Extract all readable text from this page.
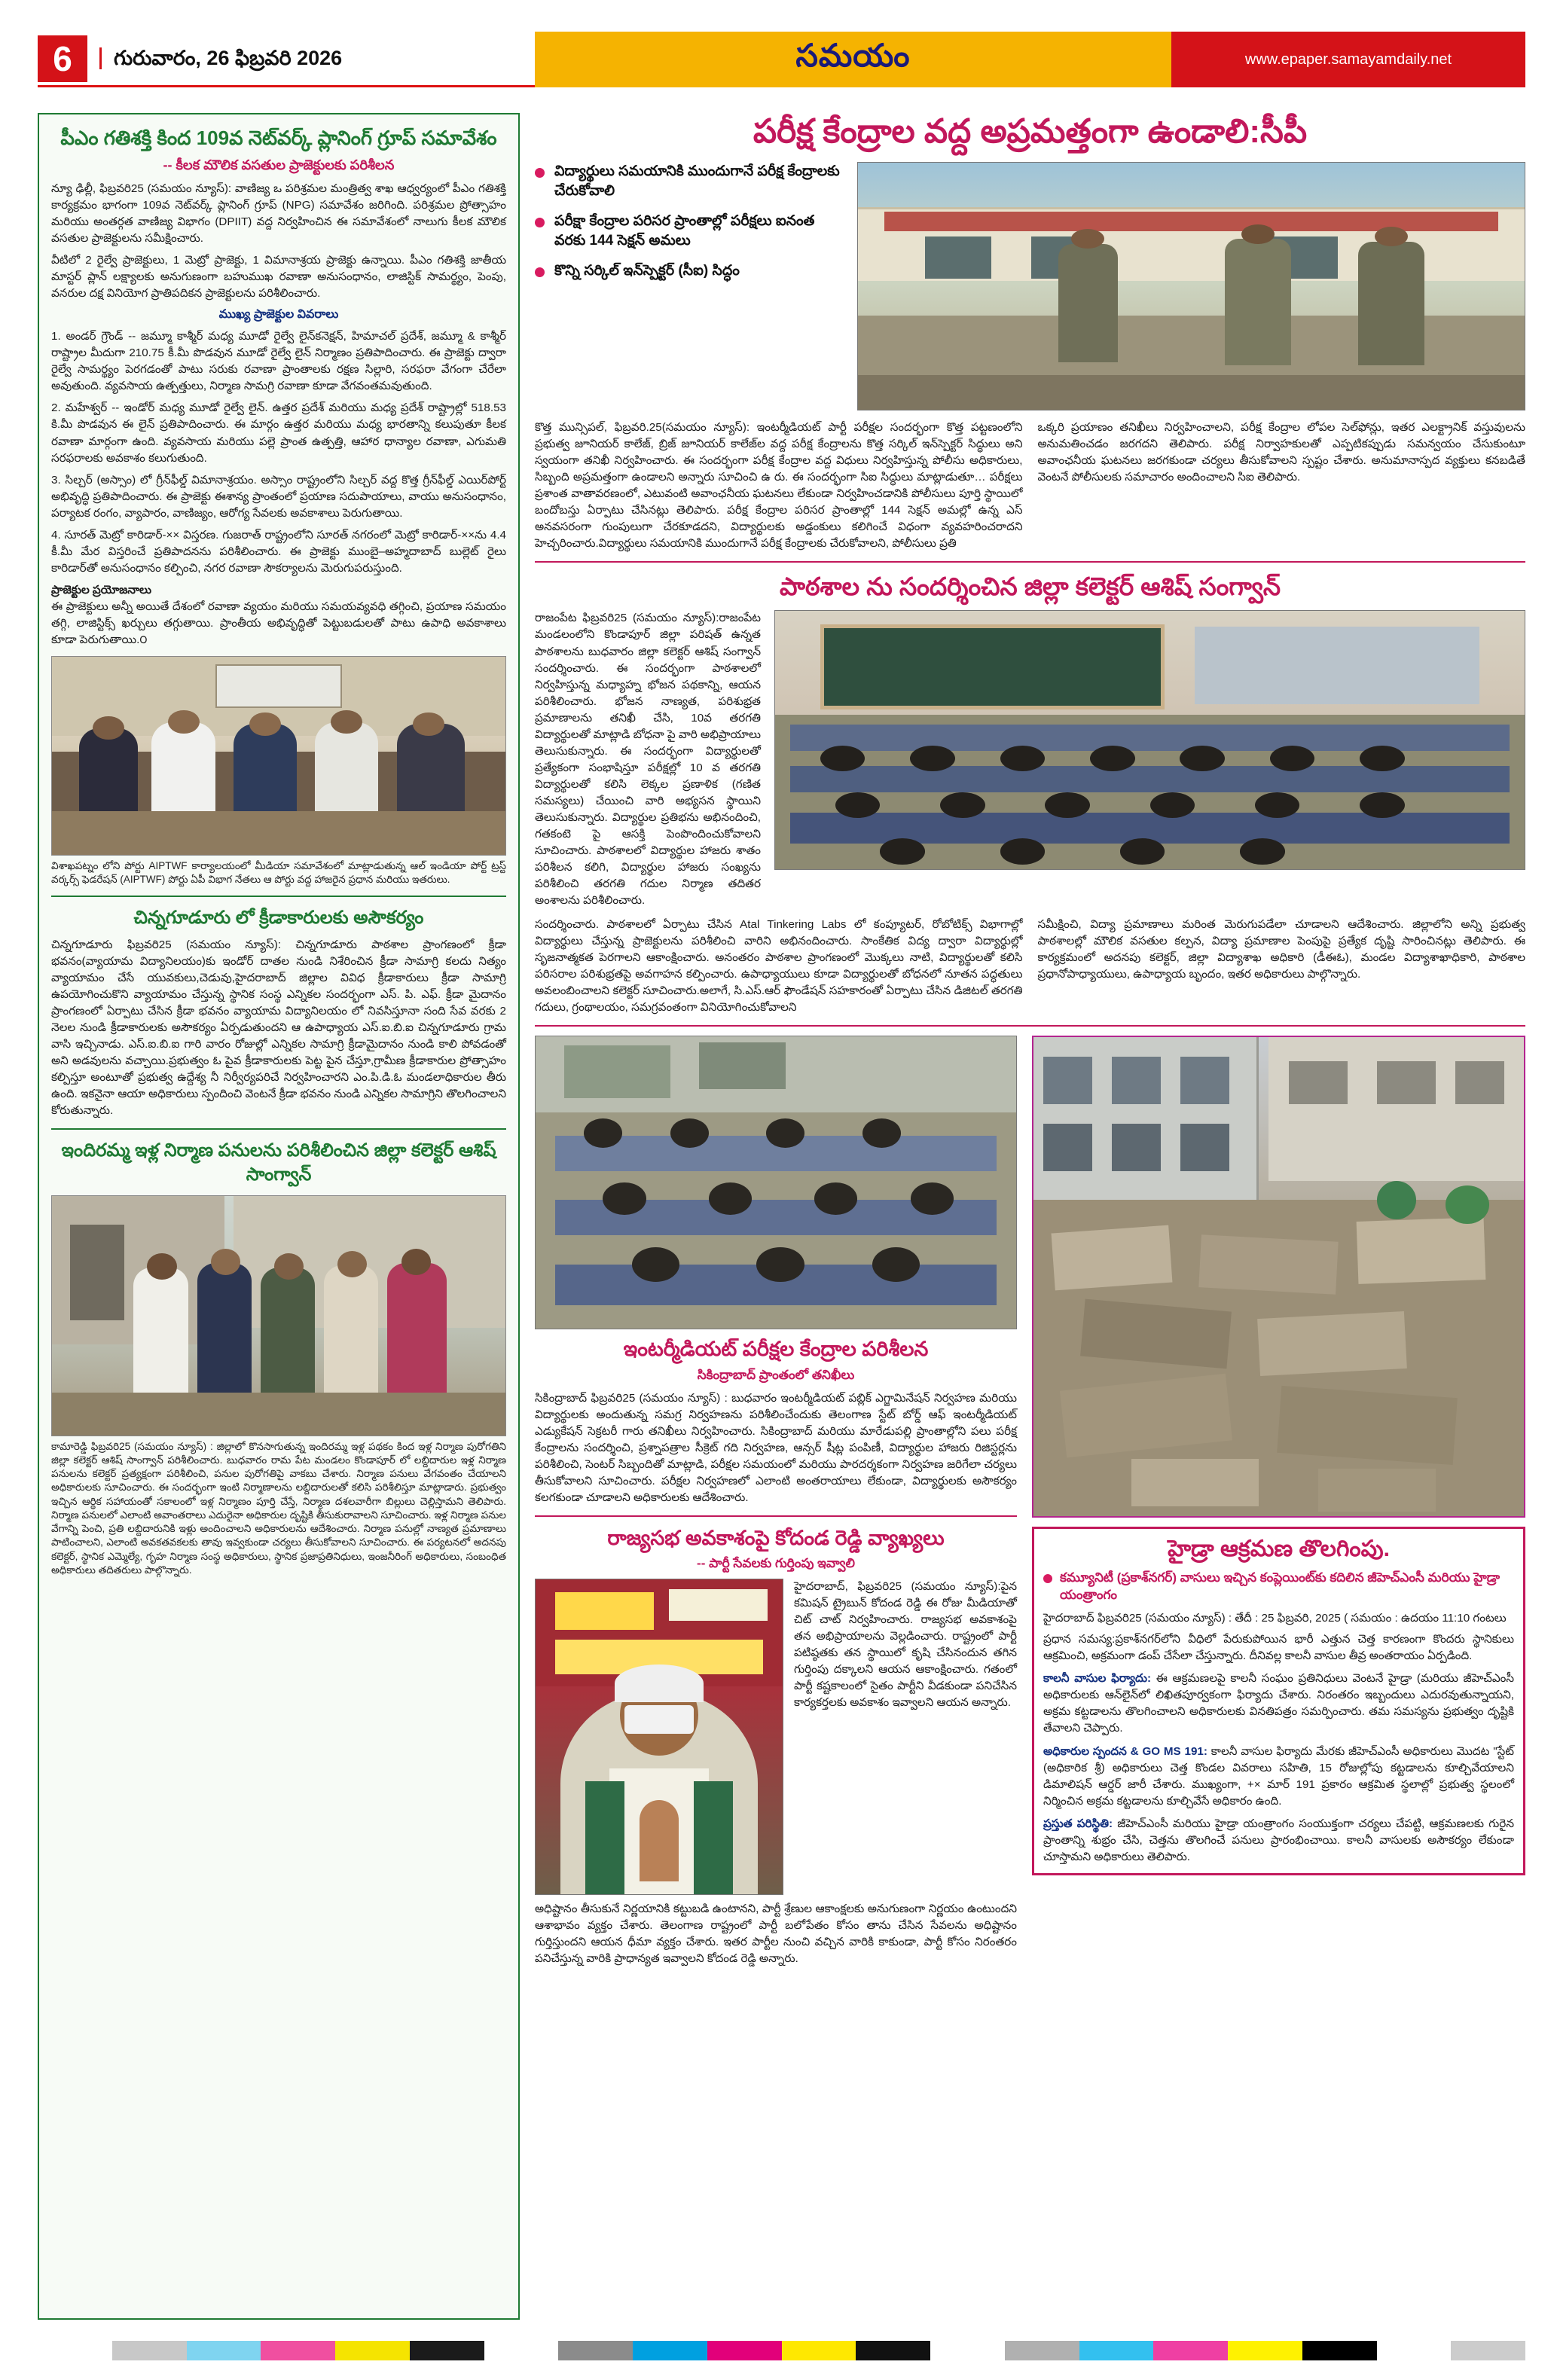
6	గురువారం, 26 ఫిబ్రవరి 2026	సమయం	www.epaper.samayamdaily.net
పీఎం గతిశక్తి కింద 109వ నెట్‌వర్క్ ప్లానింగ్ గ్రూప్ సమావేశం
-- కీలక మౌలిక వసతుల ప్రాజెక్టులకు పరిశీలన

న్యూ ఢిల్లీ, ఫిబ్రవరి25 (సమయం న్యూస్): వాణిజ్య ఒ పరిశ్రమల మంత్రిత్వ శాఖ ఆధ్వర్యంలో పీఎం గతిశక్తి కార్యక్రమం భాగంగా 109వ నెట్‌వర్క్ ప్లానింగ్ గ్రూప్ (NPG) సమావేశం జరిగింది. పరిశ్రమల ప్రోత్సాహం మరియు అంతర్గత వాణిజ్య విభాగం (DPIIT) వద్ద నిర్వహించిన ఈ సమావేశంలో నాలుగు కీలక మౌలిక వసతుల ప్రాజెక్టులను సమీక్షించారు.

వీటిలో 2 రైల్వే ప్రాజెక్టులు, 1 మెట్రో ప్రాజెక్టు, 1 విమానాశ్రయ ప్రాజెక్టు ఉన్నాయి. పీఎం గతిశక్తి జాతీయ మాస్టర్ ప్లాన్ లక్ష్యాలకు అనుగుణంగా బహుముఖ రవాణా అనుసంధానం, లాజిస్టిక్ సామర్థ్యం, పెంపు, వనరుల దక్ష వినియోగ ప్రాతిపదికన ప్రాజెక్టులను పరిశీలించారు.

ముఖ్య ప్రాజెక్టుల వివరాలు

1. అండర్ గ్రౌండ్ -- జమ్మూ కాశ్మీర్ మధ్య మూడో రైల్వే లైన్‌కనెక్షన్, హిమాచల్ ప్రదేశ్, జమ్మూ & కాశ్మీర్ రాష్ట్రాల మీదుగా 210.75 కీ.మీ పొడవున మూడో రైల్వే లైన్ నిర్మాణం ప్రతిపాదించారు. ఈ ప్రాజెక్టు ద్వారా రైల్వే సామర్థ్యం పెరగడంతో పాటు సరుకు రవాణా ప్రాంతాలకు రక్షణ సిల్లారి, సరఫరా వేగంగా చేరేలా అవుతుంది. వ్యవసాయ ఉత్పత్తులు, నిర్మాణ సామగ్రి రవాణా కూడా వేగవంతమవుతుంది.

2. మహేశ్వర్ -- ఇండోర్ మధ్య మూడో రైల్వే లైన్. ఉత్తర ప్రదేశ్ మరియు మధ్య ప్రదేశ్ రాష్ట్రాల్లో 518.53 కి.మీ పొడవున ఈ లైన్ ప్రతిపాదించారు. ఈ మార్గం ఉత్తర మరియు మధ్య భారతాన్ని కలుపుతూ కీలక రవాణా మార్గంగా ఉంది. వ్యవసాయ మరియు పల్లె ప్రాంత ఉత్పత్తి, ఆహార ధాన్యాల రవాణా, ఎగుమతి సరఫరాలకు అవకాశం కలుగుతుంది.

3. సిల్చర్ (అస్సాం) లో గ్రీన్‌ఫీల్డ్ విమానాశ్రయం. అస్సాం రాష్ట్రంలోని సిల్చర్ వద్ద కొత్త గ్రీన్‌ఫీల్డ్ ఎయిర్‌పోర్ట్ అభివృద్ధి ప్రతిపాదించారు. ఈ ప్రాజెక్టు ఈశాన్య ప్రాంతంలో ప్రయాణ సదుపాయాలు, వాయు అనుసంధానం, పర్యాటక రంగం, వ్యాపారం, వాణిజ్యం, ఆరోగ్య సేవలకు అవకాశాలు పెరుగుతాయి.

4. సూరత్ మెట్రో కారిడార్-×× విస్తరణ. గుజరాత్ రాష్ట్రంలోని సూరత్ నగరంలో మెట్రో కారిడార్-××ను 4.4 కీ.మీ మేర విస్తరించే ప్రతిపాదనను పరిశీలించారు. ఈ ప్రాజెక్టు ముంబై–అహ్మదాబాద్ బుల్లెట్ రైలు కారిడార్‌తో అనుసంధానం కల్పించి, నగర రవాణా సౌకర్యాలను మెరుగుపరుస్తుంది.

ప్రాజెక్టుల ప్రయోజనాలు
ఈ ప్రాజెక్టులు అన్నీ అయితే దేశంలో రవాణా వ్యయం మరియు సమయవ్యవధి తగ్గించి, ప్రయాణ సమయం తగ్గి, లాజిస్టిక్స్ ఖర్చులు తగ్గుతాయి. ప్రాంతీయ అభివృద్ధితో పెట్టుబడులతో పాటు ఉపాధి అవకాశాలు కూడా పెరుగుతాయి.౦
విశాఖపట్నం లోని పోర్టు AIPTWF కార్యాలయంలో మీడియా సమావేశంలో మాట్లాడుతున్న ఆల్ ఇండియా పోర్ట్ ట్రస్ట్ వర్కర్స్ ఫెడరేషన్ (AIPTWF) పోర్టు ఏపీ విభాగ నేతలు ఆ పోర్టు వద్ద హాజరైన ప్రధాన మరియు ఇతరులు.
చిన్నగూడూరు లో క్రీడాకారులకు అసౌకర్యం

చిన్నగూడూరు ఫిబ్రవరి25 (సమయం న్యూస్): చిన్నగూడూరు పాఠశాల ప్రాంగణంలో క్రీడా భవనం(వ్యాయామ విద్యానిలయం)కు ఇండోర్ దాతల నుండి నిశేరించిన క్రీడా సామాగ్రి కలదు నిత్యం వ్యాయామం చేసే యువకులు,చెడువు,హైదరాబాద్ జిల్లాల వివిధ క్రీడాకారులు క్రీడా సామాగ్రి ఉపయోగించుకొని వ్యాయామం చేస్తున్న స్థానిక సంస్థ ఎన్నికల సందర్భంగా ఎస్. పి. ఎఫ్. క్రీడా మైదానం ప్రాంగణంలో ఏర్పాటు చేసిన క్రీడా భవనం వ్యాయామ విద్యానిలయం లో నివసిస్తూనా సంది సేవ వరకు 2 నెలల నుండి క్రీడాకారులకు అసౌకర్యం ఏర్పడుతుందని ఆ ఉపాధ్యాయ ఎస్.ఐ.బి.ఐ చిన్నగూడూరు గ్రామ వాసి ఇచ్చినాడు. ఎస్.ఐ.బి.ఐ గారి వారం రోజుల్లో ఎన్నికల సామాగ్రి క్రీడామైదానం నుండి కాలి పోవడంతో అని అడవులను వచ్చాయి.ప్రభుత్వం ఓ పైవ క్రీడాకారులకు పెట్ట పైన చేస్తూ,గ్రామీణ క్రీడాకారుల ప్రోత్సాహం కల్పిస్తూ అంటూతో ప్రభుత్వ ఉద్దేశ్య నీ నిర్వీర్యపరిచే నిర్వహించారని ఎం.పి.డి.ఓ మండలాధికారుల తీరు ఉంది. ఇకనైనా ఆయా అధికారులు స్పందించి వెంటనే క్రీడా భవనం నుండి ఎన్నికల సామాగ్రిని తొలగించాలని కోరుతున్నారు.

ఇందిరమ్మ ఇళ్ల నిర్మాణ పనులను పరిశీలించిన జిల్లా కలెక్టర్ ఆశిష్ సాంగ్వాన్
కామారెడ్డి ఫిబ్రవరి25 (సమయం న్యూస్) : జిల్లాలో కొనసాగుతున్న ఇందిరమ్మ ఇళ్ల పథకం కింద ఇళ్ల నిర్మాణ పురోగతిని జిల్లా కలెక్టర్ ఆశిష్ సాంగ్వాన్ పరిశీలించారు. బుధవారం రామ పేట మండలం కొండాపూర్ లో లబ్దిదారుల ఇళ్ల నిర్మాణ పనులను కలెక్టర్ ప్రత్యక్షంగా పరిశీలించి, పనుల పురోగతిపై వాకబు చేశారు. నిర్మాణ పనులు వేగవంతం చేయాలని అధికారులకు సూచించారు. ఈ సందర్భంగా ఇంటి నిర్మాణాలను లబ్దిదారులతో కలిసి పరిశీలిస్తూ మాట్లాడారు. ప్రభుత్వం ఇచ్చిన ఆర్థిక సహాయంతో సకాలంలో ఇళ్ల నిర్మాణం పూర్తి చేస్తే, నిర్మాణ దశలవారీగా బిల్లులు చెల్లిస్తామని తెలిపారు. నిర్మాణ పనులలో ఎలాంటి అవాంతరాలు ఎదురైనా అధికారుల దృష్టికి తీసుకురావాలని సూచించారు. ఇళ్ల నిర్మాణ పనుల వేగాన్ని పెంచి, ప్రతి లబ్దిదారునికి ఇళ్లు అందించాలని అధికారులను ఆదేశించారు. నిర్మాణ పనుల్లో నాణ్యత ప్రమాణాలు పాటించాలని, ఎలాంటి అవకతవకలకు తావు ఇవ్వకుండా చర్యలు తీసుకోవాలని సూచించారు. ఈ పర్యటనలో అదనపు కలెక్టర్, స్థానిక ఎమ్మెల్యే, గృహ నిర్మాణ సంస్థ అధికారులు, స్థానిక ప్రజాప్రతినిధులు, ఇంజనీరింగ్ అధికారులు, సంబంధిత అధికారులు తదితరులు పాల్గొన్నారు.
పరీక్ష కేంద్రాల వద్ద అప్రమత్తంగా ఉండాలి:సీపీ
విద్యార్థులు సమయానికి ముందుగానే పరీక్ష కేంద్రాలకు చేరుకోవాలి
పరీక్షా కేంద్రాల పరిసర ప్రాంతాల్లో పరీక్షలు ఐనంత వరకు 144 సెక్షన్ అమలు
కొన్ని సర్కిల్ ఇన్‌స్పెక్టర్ (సీఐ) సిద్ధం
కొత్త మున్సిపల్, ఫిబ్రవరి.25(సమయం న్యూస్): ఇంటర్మీడియట్ పార్టీ పరీక్షల సందర్భంగా కొత్త పట్టణంలోని ప్రభుత్వ జూనియర్ కాలేజ్, బ్రిజ్ జూనియర్ కాలేజ్‌ల వద్ద పరీక్ష కేంద్రాలను కొత్త సర్కిల్ ఇన్‌స్పెక్టర్ సిద్ధులు అని స్వయంగా తనిఖీ నిర్వహించారు. ఈ సందర్భంగా పరీక్ష కేంద్రాల వద్ద విధులు నిర్వహిస్తున్న పోలీసు అధికారులు, సిబ్బంది అప్రమత్తంగా ఉండాలని అన్నారు సూచించి ఉ రు. ఈ సందర్భంగా సిఐ సిద్ధులు మాట్లాడుతూ… పరీక్షలు ప్రశాంత వాతావరణంలో, ఎటువంటి అవాంఛనీయ ఘటనలు లేకుండా నిర్వహించడానికి పోలీసులు పూర్తి స్థాయిలో బందోబస్తు ఏర్పాటు చేసినట్లు తెలిపారు. పరీక్ష కేంద్రాల పరిసర ప్రాంతాల్లో 144 సెక్షన్ అమల్లో ఉన్న ఎస్ అనవసరంగా గుంపులుగా చేరకూడదని, విద్యార్థులకు అడ్డంకులు కలిగించే విధంగా వ్యవహరించరాదని హెచ్చరించారు.విద్యార్థులు సమయానికి ముందుగానే పరీక్ష కేంద్రాలకు చేరుకోవాలని, పోలీసులు ప్రతి
ఒక్కరి ప్రయాణం తనిఖీలు నిర్వహించాలని, పరీక్ష కేంద్రాల లోపల సెల్‌ఫోన్లు, ఇతర ఎలక్ట్రానిక్ వస్తువులను అనుమతించడం జరగదని తెలిపారు. పరీక్ష నిర్వాహకులతో ఎప్పటికప్పుడు సమన్వయం చేసుకుంటూ అవాంఛనీయ ఘటనలు జరగకుండా చర్యలు తీసుకోవాలని స్పష్టం చేశారు. అనుమానాస్పద వ్యక్తులు కనబడితే వెంటనే పోలీసులకు సమాచారం అందించాలని సిఐ తెలిపారు.
పాఠశాల ను సందర్శించిన జిల్లా కలెక్టర్ ఆశిష్ సంగ్వాన్
రాజంపేట ఫిబ్రవరి25 (సమయం న్యూస్):రాజంపేట మండలంలోని కొండాపూర్ జిల్లా పరిషత్ ఉన్నత పాఠశాలను బుధవారం జిల్లా కలెక్టర్ ఆశిష్ సంగ్వాన్ సందర్శించారు. ఈ సందర్భంగా పాఠశాలలో నిర్వహిస్తున్న మధ్యాహ్న భోజన పథకాన్ని, ఆయన పరిశీలించారు. భోజన నాణ్యత, పరిశుభ్రత ప్రమాణాలను తనిఖీ చేసి, 10వ తరగతి విద్యార్థులతో మాట్లాడి బోధనా పై వారి అభిప్రాయాలు తెలుసుకున్నారు. ఈ సందర్భంగా విద్యార్థులతో ప్రత్యేకంగా సంభాషిస్తూ పరీక్షల్లో 10 వ తరగతి విద్యార్థులతో కలిసి లెక్కల ప్రణాళిక (గణిత సమస్యలు) చేయించి వారి అభ్యసన స్థాయిని తెలుసుకున్నారు. విద్యార్థుల ప్రతిభను అభినందించి, గతకంటె పై ఆసక్తి పెంపొందించుకోవాలని సూచించారు. పాఠశాలలో విద్యార్థుల హాజరు శాతం పరిశీలన కలిగి, విద్యార్థుల హాజరు సంఖ్యను పరిశీలించి తరగతి గదుల నిర్మాణ తదితర అంశాలను పరిశీలించారు.
సందర్శించారు. పాఠశాలలో ఏర్పాటు చేసిన Atal Tinkering Labs లో కంప్యూటర్, రోబోటిక్స్ విభాగాల్లో విద్యార్థులు చేస్తున్న ప్రాజెక్టులను పరిశీలించి వారిని అభినందించారు. సాంకేతిక విద్య ద్వారా విద్యార్థుల్లో సృజనాత్మకత పెరగాలని ఆకాంక్షించారు. అనంతరం పాఠశాల ప్రాంగణంలో మొక్కలు నాటి, విద్యార్థులతో కలిసి పరిసరాల పరిశుభ్రతపై అవగాహన కల్పించారు. ఉపాధ్యాయులు కూడా విద్యార్థులతో బోధనలో నూతన పద్ధతులు అవలంబించాలని కలెక్టర్ సూచించారు.అలాగే, సి.ఎస్.ఆర్ ఫౌండేషన్ సహకారంతో ఏర్పాటు చేసిన డిజిటల్ తరగతి గదులు, గ్రంథాలయం, సమగ్రవంతంగా వినియోగించుకోవాలని
సమీక్షించి, విద్యా ప్రమాణాలు మరింత మెరుగుపడేలా చూడాలని ఆదేశించారు. జిల్లాలోని అన్ని ప్రభుత్వ పాఠశాలల్లో మౌలిక వసతుల కల్పన, విద్యా ప్రమాణాల పెంపుపై ప్రత్యేక దృష్టి సారించినట్లు తెలిపారు. ఈ కార్యక్రమంలో అదనపు కలెక్టర్, జిల్లా విద్యాశాఖ అధికారి (డీఈఓ), మండల విద్యాశాఖాధికారి, పాఠశాల ప్రధానోపాధ్యాయులు, ఉపాధ్యాయ బృందం, ఇతర అధికారులు పాల్గొన్నారు.
ఇంటర్మీడియట్ పరీక్షల కేంద్రాల పరిశీలన
సికింద్రాబాద్ ప్రాంతంలో తనిఖీలు
సికింద్రాబాద్ ఫిబ్రవరి25 (సమయం న్యూస్) : బుధవారం ఇంటర్మీడియట్ పబ్లిక్ ఎగ్జామినేషన్ నిర్వహణ మరియు విద్యార్థులకు అందుతున్న సమగ్ర నిర్వహణను పరిశీలించేందుకు తెలంగాణ స్టేట్ బోర్డ్ ఆఫ్ ఇంటర్మీడియట్ ఎడ్యుకేషన్ సెక్రటరీ గారు తనిఖీలు నిర్వహించారు. సికింద్రాబాద్ మరియు మారేడుపల్లి ప్రాంతాల్లోని పలు పరీక్ష కేంద్రాలను సందర్శించి, ప్రశ్నాపత్రాల సీక్రెట్ గది నిర్వహణ, ఆన్సర్ షీట్ల పంపిణీ, విద్యార్థుల హాజరు రిజిస్టర్లను పరిశీలించి, సెంటర్ సిబ్బందితో మాట్లాడి, పరీక్షల సమయంలో మరియు పారదర్శకంగా నిర్వహణ జరిగేలా చర్యలు తీసుకోవాలని సూచించారు. పరీక్షల నిర్వహణలో ఎలాంటి అంతరాయాలు లేకుండా, విద్యార్థులకు అసౌకర్యం కలగకుండా చూడాలని అధికారులకు ఆదేశించారు.
రాజ్యసభ అవకాశంపై కోదండ రెడ్డి వ్యాఖ్యలు
-- పార్టీ సేవలకు గుర్తింపు ఇవ్వాలి
హైదరాబాద్, ఫిబ్రవరి25 (సమయం న్యూస్):పైన కమిషన్ ట్రైబున్ కోదండ రెడ్డి ఈ రోజు మీడియాతో చిట్ చాట్ నిర్వహించారు. రాజ్యసభ అవకాశంపై తన అభిప్రాయాలను వెల్లడించారు. రాష్ట్రంలో పార్టీ పటిష్ఠతకు తన స్థాయిలో కృషి చేసినందున తగిన గుర్తింపు దక్కాలని ఆయన ఆకాంక్షించారు. గతంలో పార్టీ కష్టకాలంలో సైతం పార్టీని వీడకుండా పనిచేసిన కార్యకర్తలకు అవకాశం ఇవ్వాలని ఆయన అన్నారు.
అధిష్టానం తీసుకునే నిర్ణయానికి కట్టుబడి ఉంటానని, పార్టీ శ్రేణుల ఆకాంక్షలకు అనుగుణంగా నిర్ణయం ఉంటుందని ఆశాభావం వ్యక్తం చేశారు. తెలంగాణ రాష్ట్రంలో పార్టీ బలోపేతం కోసం తాను చేసిన సేవలను అధిష్టానం గుర్తిస్తుందని ఆయన ధీమా వ్యక్తం చేశారు. ఇతర పార్టీల నుంచి వచ్చిన వారికి కాకుండా, పార్టీ కోసం నిరంతరం పనిచేస్తున్న వారికి ప్రాధాన్యత ఇవ్వాలని కోదండ రెడ్డి అన్నారు.
హైడ్రా ఆక్రమణ తొలగింపు.
కమ్యూనిటీ (ప్రకాశ్‌నగర్) వాసులు ఇచ్చిన కంప్లెయింట్‌కు కదిలిన జీహెచ్ఎంసీ మరియు హైడ్రా యంత్రాంగం
హైదరాబాద్ ఫిబ్రవరి25 (సమయం న్యూస్) : తేదీ : 25 ఫిబ్రవరి, 2025 ( సమయం : ఉదయం 11:10 గంటలు
ప్రధాన సమస్య:ప్రకాశ్‌నగర్‌లోని వీధిలో పేరుకుపోయిన భారీ ఎత్తున చెత్త కారణంగా కొందరు స్థానికులు ఆక్రమించి, అక్రమంగా డంప్ చేసేలా చేస్తున్నారు. దీనివల్ల కాలనీ వాసుల తీవ్ర అంతరాయం ఏర్పడింది.
కాలనీ వాసుల ఫిర్యాదు: ఈ ఆక్రమణలపై కాలనీ సంఘం ప్రతినిధులు వెంటనే హైడ్రా (మరియు జీహెచ్ఎంసీ అధికారులకు ఆన్‌లైన్‌లో లిఖితపూర్వకంగా ఫిర్యాదు చేశారు. నిరంతరం ఇబ్బందులు ఎదురవుతున్నాయని, అక్రమ కట్టడాలను తొలగించాలని అధికారులకు వినతిపత్రం సమర్పించారు. తమ సమస్యను ప్రభుత్వం దృష్టికి తేవాలని చెప్పారు.
అధికారుల స్పందన & GO MS 191: కాలనీ వాసుల ఫిర్యాదు మేరకు జీహెచ్ఎంసీ అధికారులు మొదట "స్టేట్ (అధికారిక శ్రీ) అధికారులు చెత్త కొండల వివరాలు సహితి, 15 రోజుల్లోపు కట్టడాలను కూల్చివేయాలని డిమాలిషన్ ఆర్డర్ జారీ చేశారు. ముఖ్యంగా, +× మార్ 191 ప్రకారం ఆక్రమిత స్థలాల్లో ప్రభుత్వ స్థలంలో నిర్మించిన అక్రమ కట్టడాలను కూల్చివేసే అధికారం ఉంది.
ప్రస్తుత పరిస్థితి: జీహెచ్ఎంసీ మరియు హైడ్రా యంత్రాంగం సంయుక్తంగా చర్యలు చేపట్టి, ఆక్రమణలకు గురైన ప్రాంతాన్ని శుభ్రం చేసి, చెత్తను తొలగించే పనులు ప్రారంభించాయి. కాలనీ వాసులకు అసౌకర్యం లేకుండా చూస్తామని అధికారులు తెలిపారు.
